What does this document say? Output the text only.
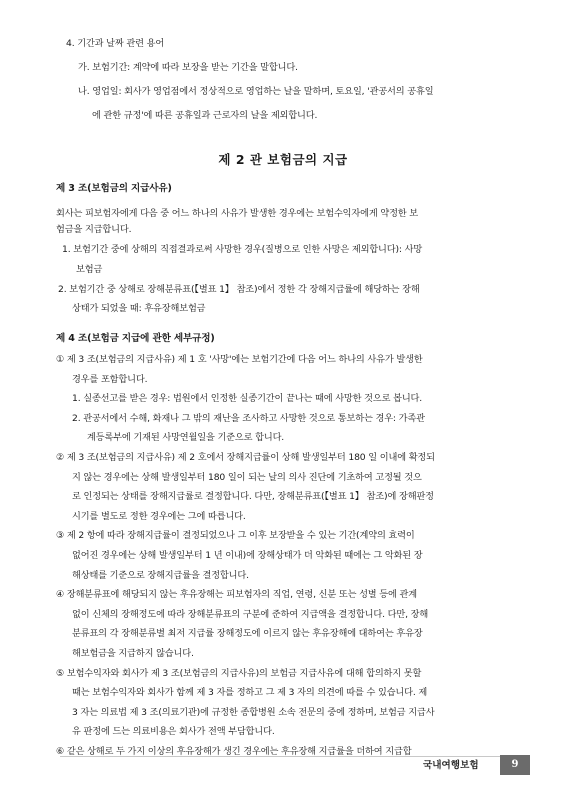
4. 기간과 날짜 관련 용어
가. 보험기간: 계약에 따라 보장을 받는 기간을 말합니다.
나. 영업일: 회사가 영업점에서 정상적으로 영업하는 날을 말하며, 토요일, '관공서의 공휴일
에 관한 규정'에 따른 공휴일과 근로자의 날을 제외합니다.
제 2 관 보험금의 지급
제 3 조(보험금의 지급사유)
회사는 피보험자에게 다음 중 어느 하나의 사유가 발생한 경우에는 보험수익자에게 약정한 보
험금을 지급합니다.
1. 보험기간 중에 상해의 직접결과로써 사망한 경우(질병으로 인한 사망은 제외합니다): 사망
보험금
2. 보험기간 중 상해로 장해분류표(【별표 1】 참조)에서 정한 각 장해지급률에 해당하는 장해
상태가 되었을 때: 후유장해보험금
제 4 조(보험금 지급에 관한 세부규정)
① 제 3 조(보험금의 지급사유) 제 1 호 '사망'에는 보험기간에 다음 어느 하나의 사유가 발생한
경우를 포함합니다.
1. 실종선고를 받은 경우: 법원에서 인정한 실종기간이 끝나는 때에 사망한 것으로 봅니다.
2. 관공서에서 수해, 화재나 그 밖의 재난을 조사하고 사망한 것으로 통보하는 경우: 가족관
계등록부에 기재된 사망연월일을 기준으로 합니다.
② 제 3 조(보험금의 지급사유) 제 2 호에서 장해지급률이 상해 발생일부터 180 일 이내에 확정되
지 않는 경우에는 상해 발생일부터 180 일이 되는 날의 의사 진단에 기초하여 고정될 것으
로 인정되는 상태를 장해지급률로 결정합니다. 다만, 장해분류표(【별표 1】 참조)에 장해판정
시기를 별도로 정한 경우에는 그에 따릅니다.
③ 제 2 항에 따라 장해지급률이 결정되었으나 그 이후 보장받을 수 있는 기간(계약의 효력이
없어진 경우에는 상해 발생일부터 1 년 이내)에 장해상태가 더 악화된 때에는 그 악화된 장
해상태를 기준으로 장해지급률을 결정합니다.
④ 장해분류표에 해당되지 않는 후유장해는 피보험자의 직업, 연령, 신분 또는 성별 등에 관계
없이 신체의 장해정도에 따라 장해분류표의 구분에 준하여 지급액을 결정합니다. 다만, 장해
분류표의 각 장해분류별 최저 지급률 장해정도에 이르지 않는 후유장해에 대하여는 후유장
해보험금을 지급하지 않습니다.
⑤ 보험수익자와 회사가 제 3 조(보험금의 지급사유)의 보험금 지급사유에 대해 합의하지 못할
때는 보험수익자와 회사가 함께 제 3 자를 정하고 그 제 3 자의 의견에 따를 수 있습니다. 제
3 자는 의료법 제 3 조(의료기관)에 규정한 종합병원 소속 전문의 중에 정하며, 보험금 지급사
유 판정에 드는 의료비용은 회사가 전액 부담합니다.
국내여행보험	9
⑥ 같은 상해로 두 가지 이상의 후유장해가 생긴 경우에는 후유장해 지급률을 더하여 지급합
